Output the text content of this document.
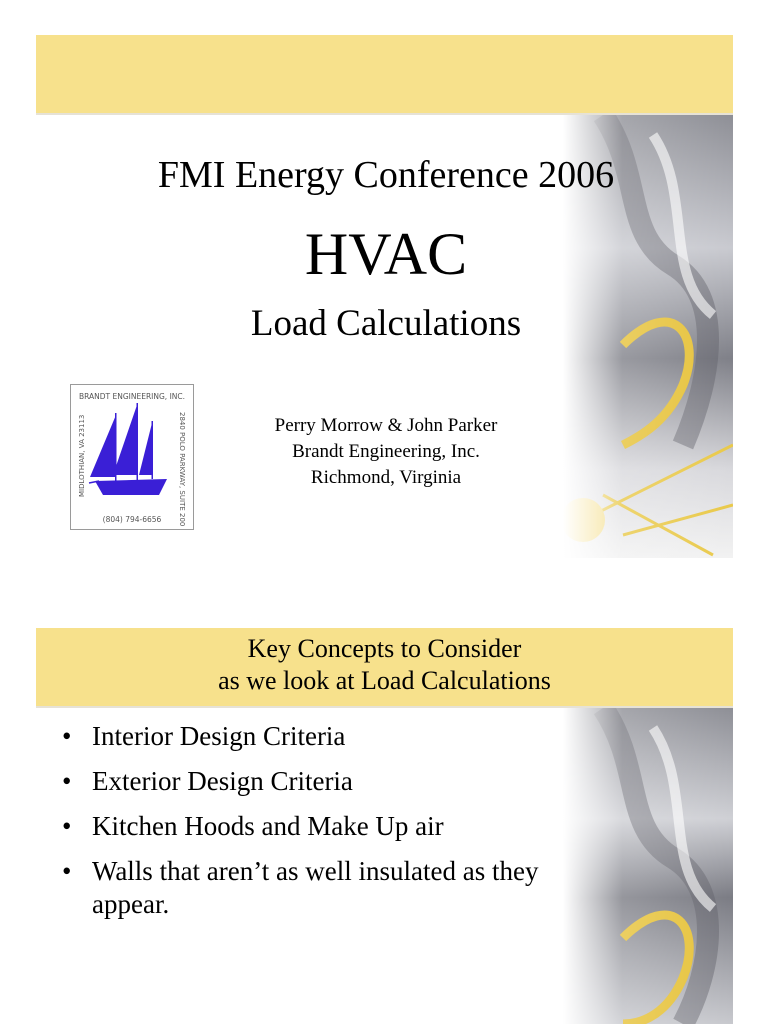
FMI Energy Conference 2006
HVAC
Load Calculations
BRANDT ENGINEERING, INC.
(804) 794-6656
MIDLOTHIAN, VA 23113	2840 POLO PARKWAY, SUITE 200	Perry Morrow & John Parker
Brandt Engineering, Inc.
Richmond, Virginia
Key Concepts to Consider
as we look at Load Calculations
• Interior Design Criteria
• Exterior Design Criteria
• Kitchen Hoods and Make Up air
• Walls that aren’t as well insulated as they appear.
